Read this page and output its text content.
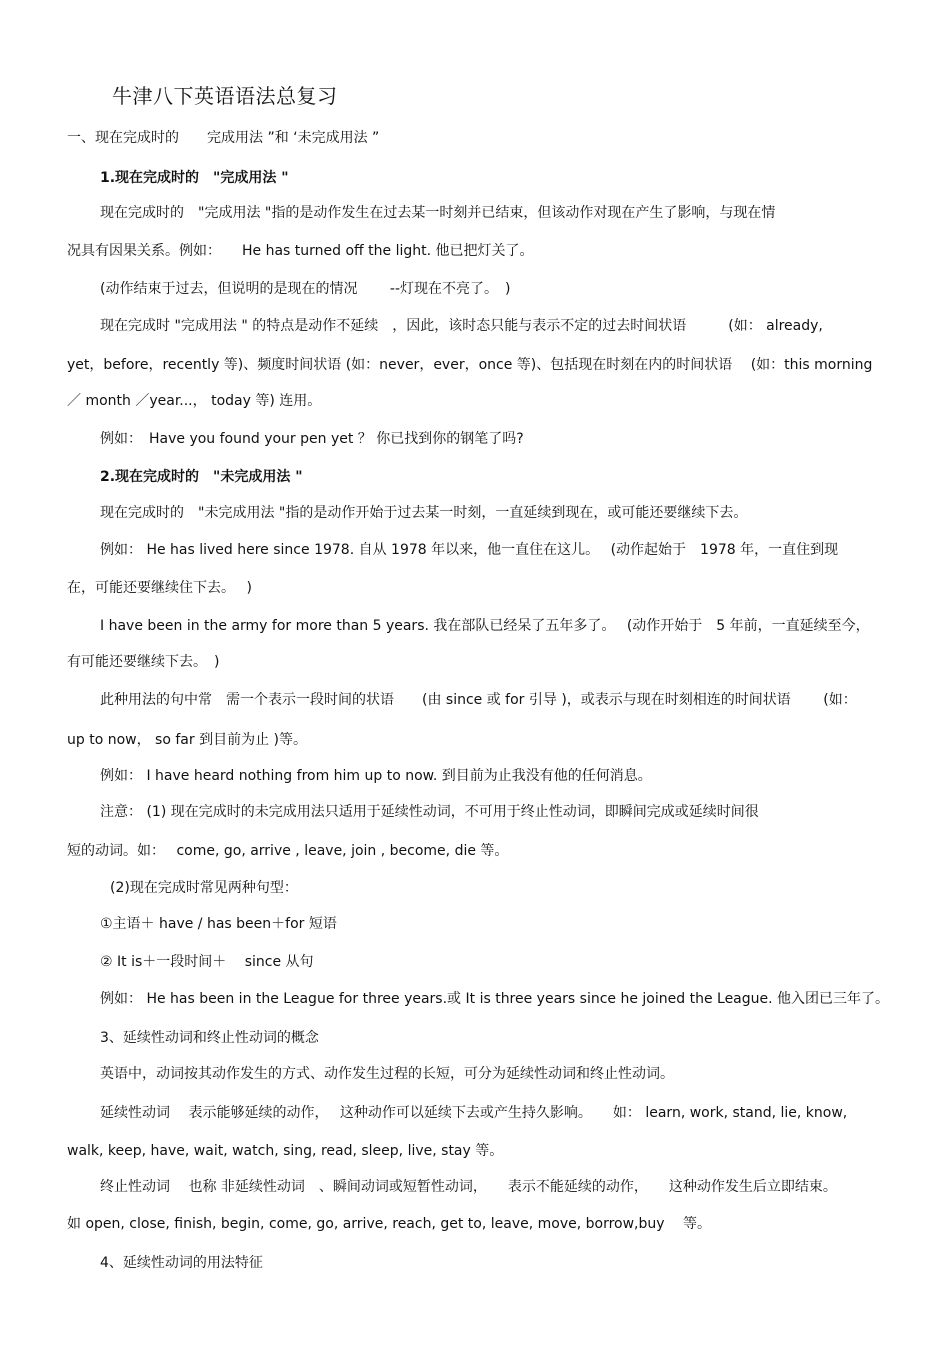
牛津八下英语语法总复习
一、现在完成时的　　完成用法 ”和 ‘未完成用法 ”
1.现在完成时的　"完成用法 "
现在完成时的　"完成用法 "指的是动作发生在过去某一时刻并已结束，但该动作对现在产生了影响，与现在情
况具有因果关系。例如：　　He has turned off the light. 他已把灯关了。
(动作结束于过去，但说明的是现在的情况　　 --灯现在不亮了。　)
现在完成时 "完成用法 " 的特点是动作不延续　，因此，该时态只能与表示不定的过去时间状语　　　(如： already,
yet，before，recently 等)、频度时间状语 (如：never，ever，once 等)、包括现在时刻在内的时间状语　 (如：this morning
／ month ／year...， today 等) 连用。
例如：　Have you found your pen yet ？ 你已找到你的钢笔了吗?
2.现在完成时的　"未完成用法 "
现在完成时的　"未完成用法 "指的是动作开始于过去某一时刻，一直延续到现在，或可能还要继续下去。
例如： He has lived here since 1978. 自从 1978 年以来，他一直住在这儿。　 (动作起始于　1978 年，一直住到现
在，可能还要继续住下去。　 )
I have been in the army for more than 5 years. 我在部队已经呆了五年多了。　 (动作开始于　5 年前，一直延续至今，
有可能还要继续下去。　)
此种用法的句中常　需一个表示一段时间的状语　　(由 since 或 for 引导 )，或表示与现在时刻相连的时间状语　　 (如：
up to now， so far 到目前为止 )等。
例如： I have heard nothing from him up to now. 到目前为止我没有他的任何消息。
注意： (1) 现在完成时的未完成用法只适用于延续性动词，不可用于终止性动词，即瞬间完成或延续时间很
短的动词。如：　 come, go, arrive , leave, join , become, die 等。
(2)现在完成时常见两种句型：
①主语＋ have / has been＋for 短语
② It is＋一段时间＋　 since 从句
例如： He has been in the League for three years.或 It is three years since he joined the League. 他入团已三年了。
3、延续性动词和终止性动词的概念
英语中，动词按其动作发生的方式、动作发生过程的长短，可分为延续性动词和终止性动词。
延续性动词　 表示能够延续的动作，　 这种动作可以延续下去或产生持久影响。　　如： learn, work, stand, lie, know,
walk, keep, have, wait, watch, sing, read, sleep, live, stay 等。
终止性动词　 也称 非延续性动词　、瞬间动词或短暂性动词，　　表示不能延续的动作，　　这种动作发生后立即结束。
如 open, close, finish, begin, come, go, arrive, reach, get to, leave, move, borrow,buy　 等。
4、延续性动词的用法特征
